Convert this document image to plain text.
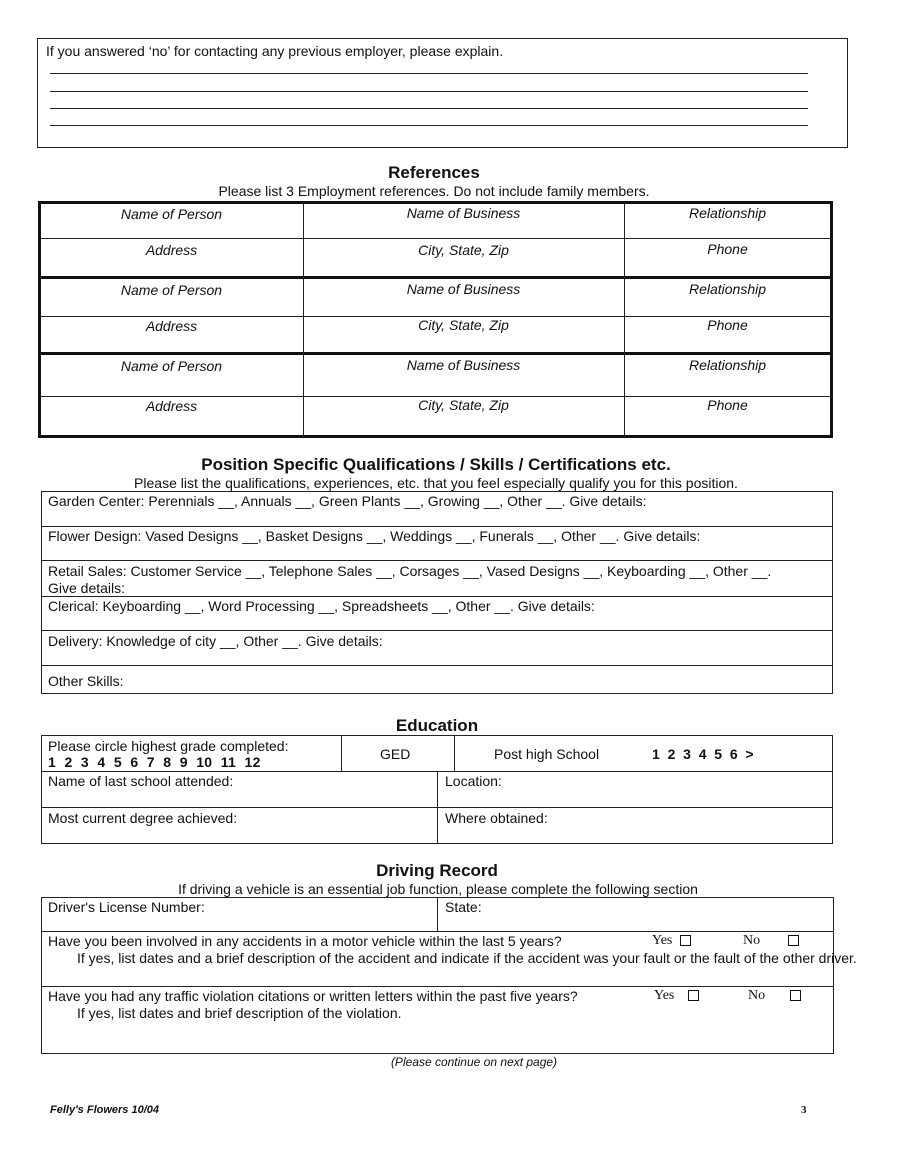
If you answered ‘no’ for contacting any previous employer, please explain.
References
Please list 3 Employment references. Do not include family members.
Name of Person	Name of Business	Relationship
Address	City, State, Zip	Phone
Name of Person	Name of Business	Relationship
Address	City, State, Zip	Phone
Name of Person	Name of Business	Relationship
Address	City, State, Zip	Phone
Position Specific Qualifications / Skills / Certifications etc.
Please list the qualifications, experiences, etc. that you feel especially qualify you for this position.
Garden Center: Perennials __, Annuals __, Green Plants __, Growing __, Other __. Give details:
Flower Design: Vased Designs __, Basket Designs __, Weddings __, Funerals __, Other __. Give details:
Retail Sales: Customer Service __, Telephone Sales __, Corsages __, Vased Designs __, Keyboarding __, Other __.
Give details:
Clerical: Keyboarding __, Word Processing __, Spreadsheets __, Other __. Give details:
Delivery: Knowledge of city __, Other __. Give details:
Other Skills:
Education
Please circle highest grade completed:
1  2  3  4  5  6  7  8  9  10  11  12	GED	Post high School	1  2  3  4  5  6  >
Name of last school attended:	Location:
Most current degree achieved:	Where obtained:
Driving Record
If driving a vehicle is an essential job function, please complete the following section
Driver's License Number:	State:
Have you been involved in any accidents in a motor vehicle within the last 5 years?	Yes	No
If yes, list dates and a brief description of the accident and indicate if the accident was your fault or the fault of the other driver.
Have you had any traffic violation citations or written letters within the past five years?	Yes	No
If yes, list dates and brief description of the violation.
(Please continue on next page)
Felly's Flowers 10/04	3
